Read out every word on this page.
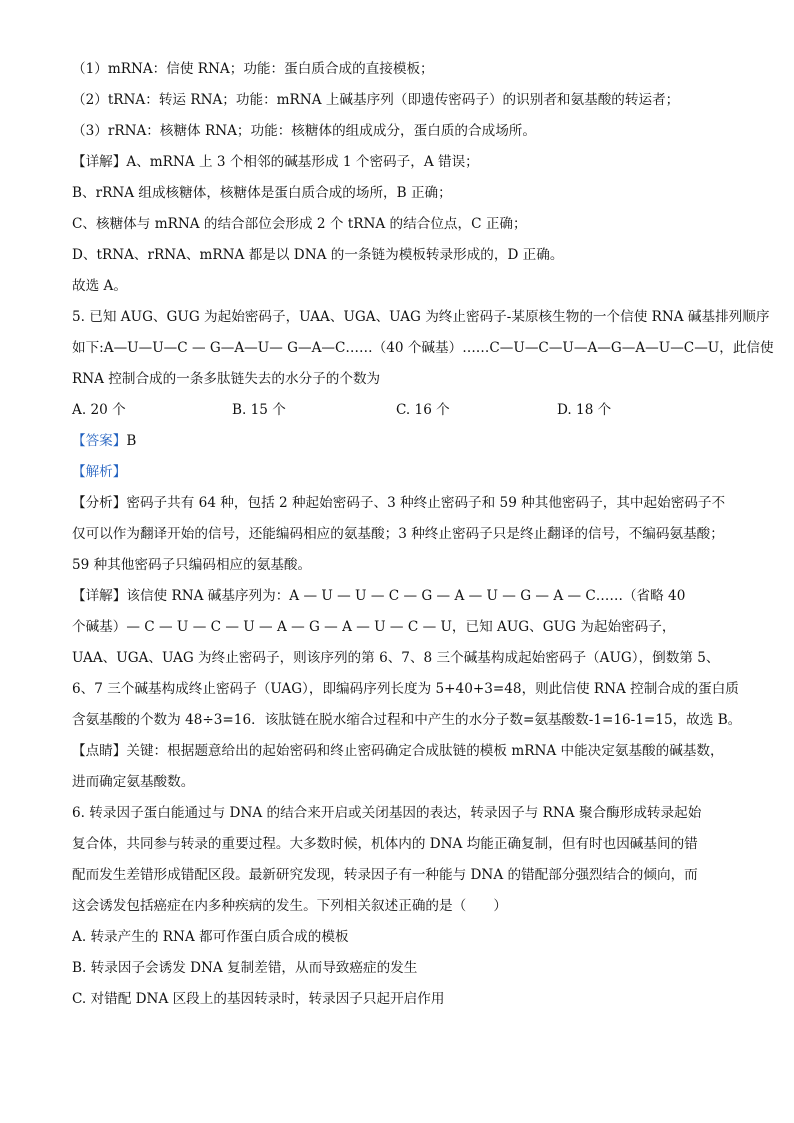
（1）mRNA：信使 RNA；功能：蛋白质合成的直接模板；

（2）tRNA：转运 RNA；功能：mRNA 上碱基序列（即遗传密码子）的识别者和氨基酸的转运者；

（3）rRNA：核糖体 RNA；功能：核糖体的组成成分，蛋白质的合成场所。

【详解】A、mRNA 上 3 个相邻的碱基形成 1 个密码子，A 错误；

B、rRNA 组成核糖体，核糖体是蛋白质合成的场所，B 正确；

C、核糖体与 mRNA 的结合部位会形成 2 个 tRNA 的结合位点，C 正确；

D、tRNA、rRNA、mRNA 都是以 DNA 的一条链为模板转录形成的，D 正确。

故选 A。

5. 已知 AUG、GUG 为起始密码子，UAA、UGA、UAG 为终止密码子-某原核生物的一个信使 RNA 碱基排列顺序

如下:A—U—U—C — G—A—U— G—A—C……（40 个碱基）……C—U—C—U—A—G—A—U—C—U，此信使

RNA 控制合成的一条多肽链失去的水分子的个数为

A. 20 个	B. 15 个	C. 16 个	D. 18 个

【答案】B

【解析】

【分析】密码子共有 64 种，包括 2 种起始密码子、3 种终止密码子和 59 种其他密码子，其中起始密码子不

仅可以作为翻译开始的信号，还能编码相应的氨基酸；3 种终止密码子只是终止翻译的信号，不编码氨基酸；

59 种其他密码子只编码相应的氨基酸。

【详解】该信使 RNA 碱基序列为：A — U — U — C — G — A — U — G — A — C……（省略 40

个碱基）— C — U — C — U — A — G — A — U — C — U，已知 AUG、GUG 为起始密码子，

UAA、UGA、UAG 为终止密码子，则该序列的第 6、7、8 三个碱基构成起始密码子（AUG），倒数第 5、

6、7 三个碱基构成终止密码子（UAG），即编码序列长度为 5+40+3=48，则此信使 RNA 控制合成的蛋白质

含氨基酸的个数为 48÷3=16．该肽链在脱水缩合过程和中产生的水分子数=氨基酸数-1=16-1=15，故选 B。

【点睛】关键：根据题意给出的起始密码和终止密码确定合成肽链的模板 mRNA 中能决定氨基酸的碱基数，

进而确定氨基酸数。

6. 转录因子蛋白能通过与 DNA 的结合来开启或关闭基因的表达，转录因子与 RNA 聚合酶形成转录起始

复合体，共同参与转录的重要过程。大多数时候，机体内的 DNA 均能正确复制，但有时也因碱基间的错

配而发生差错形成错配区段。最新研究发现，转录因子有一种能与 DNA 的错配部分强烈结合的倾向，而

这会诱发包括癌症在内多种疾病的发生。下列相关叙述正确的是（　　）

A. 转录产生的 RNA 都可作蛋白质合成的模板

B. 转录因子会诱发 DNA 复制差错，从而导致癌症的发生

C. 对错配 DNA 区段上的基因转录时，转录因子只起开启作用
